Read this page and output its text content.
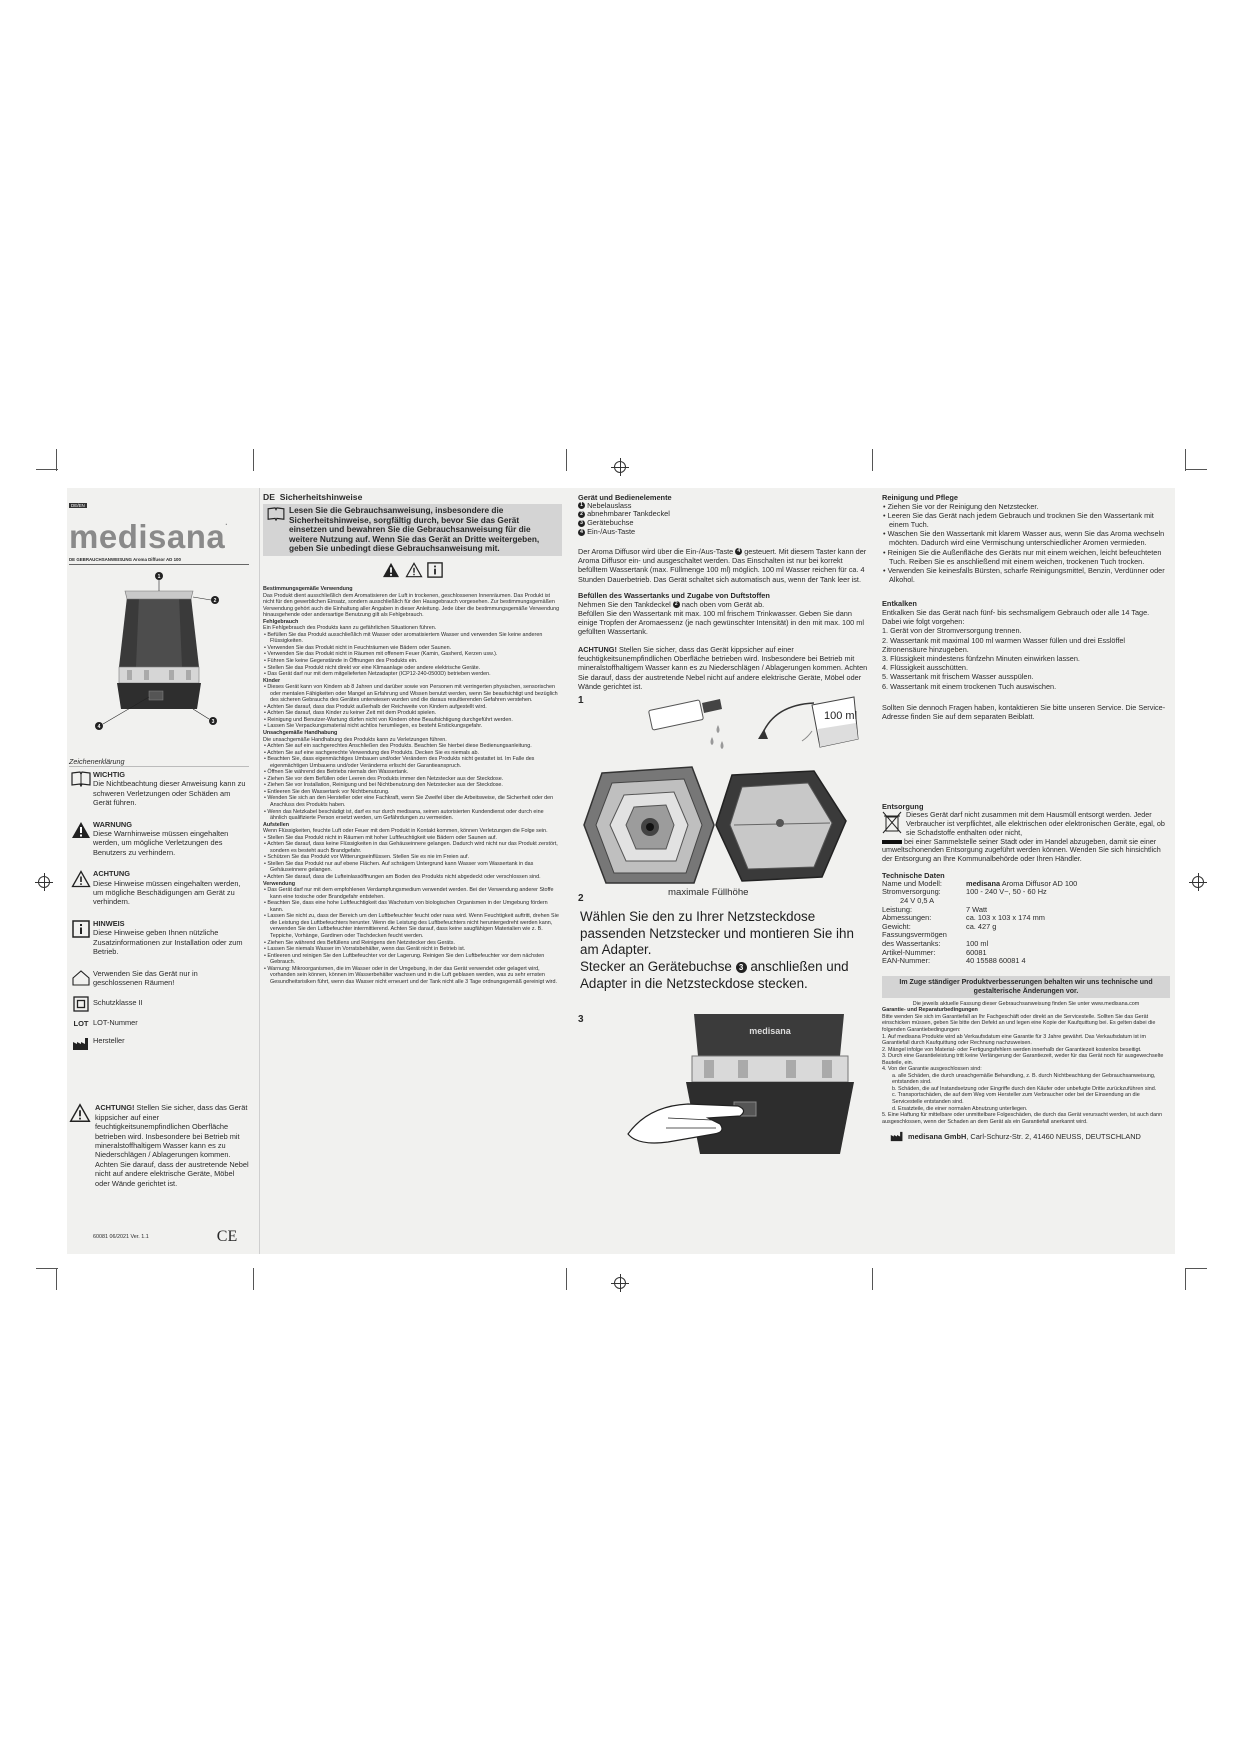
DE/EN
medisana.
DE GEBRAUCHSANWEISUNG Aroma Diffusor AD 100
1
2
3
4
Zeichenerklärung
WICHTIG
Die Nichtbeachtung dieser Anweisung kann zu schweren Verletzungen oder Schäden am Gerät führen.
WARNUNG
Diese Warnhinweise müssen eingehalten werden, um mögliche Verletzungen des Benutzers zu verhindern.
ACHTUNG
Diese Hinweise müssen eingehalten werden, um mögliche Beschädigungen am Gerät zu verhindern.
HINWEIS
Diese Hinweise geben Ihnen nützliche Zusatzinformationen zur Installation oder zum Betrieb.
Verwenden Sie das Gerät nur in geschlossenen Räumen!
Schutzklasse II
LOT LOT-Nummer
Hersteller
ACHTUNG! Stellen Sie sicher, dass das Gerät kippsicher auf einer feuchtigkeitsunempfindlichen Oberfläche betrieben wird. Insbesondere bei Betrieb mit mineralstoffhaltigem Wasser kann es zu Niederschlägen / Ablagerungen kommen. Achten Sie darauf, dass der austretende Nebel nicht auf andere elektrische Geräte, Möbel oder Wände gerichtet ist.
60081 06/2021 Ver. 1.1	CE
DE Sicherheitshinweise
Lesen Sie die Gebrauchsanweisung, insbesondere die Sicherheitshinweise, sorgfältig durch, bevor Sie das Gerät einsetzen und bewahren Sie die Gebrauchsanweisung für die weitere Nutzung auf. Wenn Sie das Gerät an Dritte weitergeben, geben Sie unbedingt diese Gebrauchsanweisung mit.

Bestimmungsgemäße Verwendung
Das Produkt dient ausschließlich dem Aromatisieren der Luft in trockenen, geschlossenen Innenräumen. Das Produkt ist nicht für den gewerblichen Einsatz, sondern ausschließlich für den Hausgebrauch vorgesehen. Zur bestimmungsgemäßen Verwendung gehört auch die Einhaltung aller Angaben in dieser Anleitung. Jede über die bestimmungsgemäße Verwendung hinausgehende oder andersartige Benutzung gilt als Fehlgebrauch.
Fehlgebrauch
Ein Fehlgebrauch des Produkts kann zu gefährlichen Situationen führen.
• Befüllen Sie das Produkt ausschließlich mit Wasser oder aromatisiertem Wasser und verwenden Sie keine anderen Flüssigkeiten.
• Verwenden Sie das Produkt nicht in Feuchträumen wie Bädern oder Saunen.
• Verwenden Sie das Produkt nicht in Räumen mit offenem Feuer (Kamin, Gasherd, Kerzen usw.).
• Führen Sie keine Gegenstände in Öffnungen des Produkts ein.
• Stellen Sie das Produkt nicht direkt vor eine Klimaanlage oder andere elektrische Geräte.
• Das Gerät darf nur mit dem mitgelieferten Netzadapter (ICP12-240-0500D) betrieben werden.
Kinder
• Dieses Gerät kann von Kindern ab 8 Jahren und darüber sowie von Personen mit verringerten physischen, sensorischen oder mentalen Fähigkeiten oder Mangel an Erfahrung und Wissen benutzt werden, wenn Sie beaufsichtigt und bezüglich des sicheren Gebrauchs des Gerätes unterwiesen wurden und die daraus resultierenden Gefahren verstehen.
• Achten Sie darauf, dass das Produkt außerhalb der Reichweite von Kindern aufgestellt wird.
• Achten Sie darauf, dass Kinder zu keiner Zeit mit dem Produkt spielen.
• Reinigung und Benutzer-Wartung dürfen nicht von Kindern ohne Beaufsichtigung durchgeführt werden.
• Lassen Sie Verpackungsmaterial nicht achtlos herumliegen, es besteht Erstickungsgefahr.
Unsachgemäße Handhabung
Die unsachgemäße Handhabung des Produkts kann zu Verletzungen führen.
• Achten Sie auf ein sachgerechtes Anschließen des Produkts. Beachten Sie hierbei diese Bedienungsanleitung.
• Achten Sie auf eine sachgerechte Verwendung des Produkts. Decken Sie es niemals ab.
• Beachten Sie, dass eigenmächtiges Umbauen und/oder Verändern des Produkts nicht gestattet ist. Im Falle des eigenmächtigen Umbauens und/oder Veränderns erlischt der Garantieanspruch.
• Öffnen Sie während des Betriebs niemals den Wassertank.
• Ziehen Sie vor dem Befüllen oder Leeren des Produkts immer den Netzstecker aus der Steckdose.
• Ziehen Sie vor Installation, Reinigung und bei Nichtbenutzung den Netzstecker aus der Steckdose.
• Entleeren Sie den Wassertank vor Nichtbenutzung.
• Wenden Sie sich an den Hersteller oder eine Fachkraft, wenn Sie Zweifel über die Arbeitsweise, die Sicherheit oder den Anschluss des Produkts haben.
• Wenn das Netzkabel beschädigt ist, darf es nur durch medisana, seinen autorisierten Kundendienst oder durch eine ähnlich qualifizierte Person ersetzt werden, um Gefährdungen zu vermeiden.
Aufstellen
Wenn Flüssigkeiten, feuchte Luft oder Feuer mit dem Produkt in Kontakt kommen, können Verletzungen die Folge sein.
• Stellen Sie das Produkt nicht in Räumen mit hoher Luftfeuchtigkeit wie Bädern oder Saunen auf.
• Achten Sie darauf, dass keine Flüssigkeiten in das Gehäuseinnere gelangen. Dadurch wird nicht nur das Produkt zerstört, sondern es besteht auch Brandgefahr.
• Schützen Sie das Produkt vor Witterungseinflüssen. Stellen Sie es nie im Freien auf.
• Stellen Sie das Produkt nur auf ebene Flächen. Auf schrägem Untergrund kann Wasser vom Wassertank in das Gehäuseinnere gelangen.
• Achten Sie darauf, dass die Lufteinlassöffnungen am Boden des Produkts nicht abgedeckt oder verschlossen sind.
Verwendung
• Das Gerät darf nur mit dem empfohlenen Verdampfungsmedium verwendet werden. Bei der Verwendung anderer Stoffe kann eine toxische oder Brandgefahr entstehen.
• Beachten Sie, dass eine hohe Luftfeuchtigkeit das Wachstum von biologischen Organismen in der Umgebung fördern kann.
• Lassen Sie nicht zu, dass der Bereich um den Luftbefeuchter feucht oder nass wird. Wenn Feuchtigkeit auftritt, drehen Sie die Leistung des Luftbefeuchters herunter. Wenn die Leistung des Luftbefeuchters nicht heruntergedreht werden kann, verwenden Sie den Luftbefeuchter intermittierend. Achten Sie darauf, dass keine saugfähigen Materialien wie z. B. Teppiche, Vorhänge, Gardinen oder Tischdecken feucht werden.
• Ziehen Sie während des Befüllens und Reinigens den Netzstecker des Geräts.
• Lassen Sie niemals Wasser im Vorratsbehälter, wenn das Gerät nicht in Betrieb ist.
• Entleeren und reinigen Sie den Luftbefeuchter vor der Lagerung. Reinigen Sie den Luftbefeuchter vor dem nächsten Gebrauch.
• Warnung: Mikroorganismen, die im Wasser oder in der Umgebung, in der das Gerät verwendet oder gelagert wird, vorhanden sein können, können im Wasserbehälter wachsen und in die Luft geblasen werden, was zu sehr ernsten Gesundheitsrisiken führt, wenn das Wasser nicht erneuert und der Tank nicht alle 3 Tage ordnungsgemäß gereinigt wird.
Gerät und Bedienelemente
1 Nebelauslass
2 abnehmbarer Tankdeckel
3 Gerätebuchse
4 Ein-/Aus-Taste
Der Aroma Diffusor wird über die Ein-/Aus-Taste 4 gesteuert. Mit diesem Taster kann der Aroma Diffusor ein- und ausgeschaltet werden. Das Einschalten ist nur bei korrekt befülltem Wassertank (max. Füllmenge 100 ml) möglich. 100 ml Wasser reichen für ca. 4 Stunden Dauerbetrieb. Das Gerät schaltet sich automatisch aus, wenn der Tank leer ist.
Befüllen des Wassertanks und Zugabe von Duftstoffen
Nehmen Sie den Tankdeckel 2 nach oben vom Gerät ab.
Befüllen Sie den Wassertank mit max. 100 ml frischem Trinkwasser. Geben Sie dann einige Tropfen der Aromaessenz (je nach gewünschter Intensität) in den mit max. 100 ml gefüllten Wassertank.
ACHTUNG! Stellen Sie sicher, dass das Gerät kippsicher auf einer feuchtigkeitsunempfindlichen Oberfläche betrieben wird. Insbesondere bei Betrieb mit mineralstoffhaltigem Wasser kann es zu Niederschlägen / Ablagerungen kommen. Achten Sie darauf, dass der austretende Nebel nicht auf andere elektrische Geräte, Möbel oder Wände gerichtet ist.
1
100 ml
maximale Füllhöhe
2
Wählen Sie den zu Ihrer Netzsteckdose passenden Netzstecker und montieren Sie ihn am Adapter.
Stecker an Gerätebuchse 3 anschließen und Adapter in die Netzsteckdose stecken.
3
medisana
Reinigung und Pflege
• Ziehen Sie vor der Reinigung den Netzstecker.
• Leeren Sie das Gerät nach jedem Gebrauch und trocknen Sie den Wassertank mit einem Tuch.
• Waschen Sie den Wassertank mit klarem Wasser aus, wenn Sie das Aroma wechseln möchten. Dadurch wird eine Vermischung unterschiedlicher Aromen vermieden.
• Reinigen Sie die Außenfläche des Geräts nur mit einem weichen, leicht befeuchteten Tuch. Reiben Sie es anschließend mit einem weichen, trockenen Tuch trocken.
• Verwenden Sie keinesfalls Bürsten, scharfe Reinigungsmittel, Benzin, Verdünner oder Alkohol.
Entkalken
Entkalken Sie das Gerät nach fünf- bis sechsmaligem Gebrauch oder alle 14 Tage. Dabei wie folgt vorgehen:
1. Gerät von der Stromversorgung trennen.
2. Wassertank mit maximal 100 ml warmen Wasser füllen und drei Esslöffel Zitronensäure hinzugeben.
3. Flüssigkeit mindestens fünfzehn Minuten einwirken lassen.
4. Flüssigkeit ausschütten.
5. Wassertank mit frischem Wasser ausspülen.
6. Wassertank mit einem trockenen Tuch auswischen.
Sollten Sie dennoch Fragen haben, kontaktieren Sie bitte unseren Service. Die Service-Adresse finden Sie auf dem separaten Beiblatt.
Entsorgung
Dieses Gerät darf nicht zusammen mit dem Hausmüll entsorgt werden. Jeder Verbraucher ist verpflichtet, alle elektrischen oder elektronischen Geräte, egal, ob sie Schadstoffe enthalten oder nicht,
bei einer Sammelstelle seiner Stadt oder im Handel abzugeben, damit sie einer umweltschonenden Entsorgung zugeführt werden können. Wenden Sie sich hinsichtlich der Entsorgung an Ihre Kommunalbehörde oder Ihren Händler.
Technische Daten
Name und Modell:	medisana Aroma Diffusor AD 100
Stromversorgung:	100 - 240 V~, 50 - 60 Hz
24 V 0,5 A	
Leistung:	7 Watt
Abmessungen:	ca. 103 x 103 x 174 mm
Gewicht:	ca. 427 g
Fassungsvermögen	
des Wassertanks:	100 ml
Artikel-Nummer:	60081
EAN-Nummer:	40 15588 60081 4
Im Zuge ständiger Produktverbesserungen behalten wir uns technische und gestalterische Änderungen vor.
Die jeweils aktuelle Fassung dieser Gebrauchsanweisung finden Sie unter www.medisana.com
Garantie- und Reparaturbedingungen
Bitte wenden Sie sich im Garantiefall an Ihr Fachgeschäft oder direkt an die Servicestelle. Sollten Sie das Gerät einschicken müssen, geben Sie bitte den Defekt an und legen eine Kopie der Kaufquittung bei. Es gelten dabei die folgenden Garantiebedingungen:
1. Auf medisana Produkte wird ab Verkaufsdatum eine Garantie für 3 Jahre gewährt. Das Verkaufsdatum ist im Garantiefall durch Kaufquittung oder Rechnung nachzuweisen.
2. Mängel infolge von Material- oder Fertigungsfehlern werden innerhalb der Garantiezeit kostenlos beseitigt.
3. Durch eine Garantieleistung tritt keine Verlängerung der Garantiezeit, weder für das Gerät noch für ausgewechselte Bauteile, ein.
4. Von der Garantie ausgeschlossen sind:
a. alle Schäden, die durch unsachgemäße Behandlung, z. B. durch Nichtbeachtung der Gebrauchsanweisung, entstanden sind.
b. Schäden, die auf Instandsetzung oder Eingriffe durch den Käufer oder unbefugte Dritte zurückzuführen sind.
c. Transportschäden, die auf dem Weg vom Hersteller zum Verbraucher oder bei der Einsendung an die Servicestelle entstanden sind.
d. Ersatzteile, die einer normalen Abnutzung unterliegen.
5. Eine Haftung für mittelbare oder unmittelbare Folgeschäden, die durch das Gerät verursacht werden, ist auch dann ausgeschlossen, wenn der Schaden an dem Gerät als ein Garantiefall anerkannt wird.
medisana GmbH, Carl-Schurz-Str. 2, 41460 NEUSS, DEUTSCHLAND
